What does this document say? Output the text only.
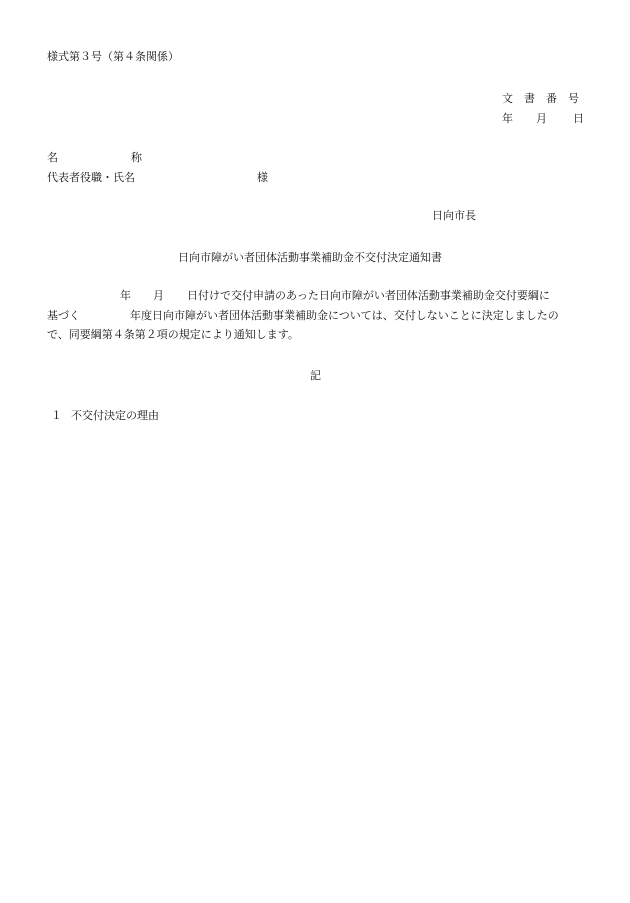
様式第３号（第４条関係）
文　書　番　号
年 月 日
名	称
代表者役職・氏名	様
日向市長
日向市障がい者団体活動事業補助金不交付決定通知書
年 月 日付けで交付申請のあった日向市障がい者団体活動事業補助金交付要綱に
基づく	年度日向市障がい者団体活動事業補助金については、交付しないことに決定しましたの
で、同要綱第４条第２項の規定により通知します。
記
１ 不交付決定の理由
